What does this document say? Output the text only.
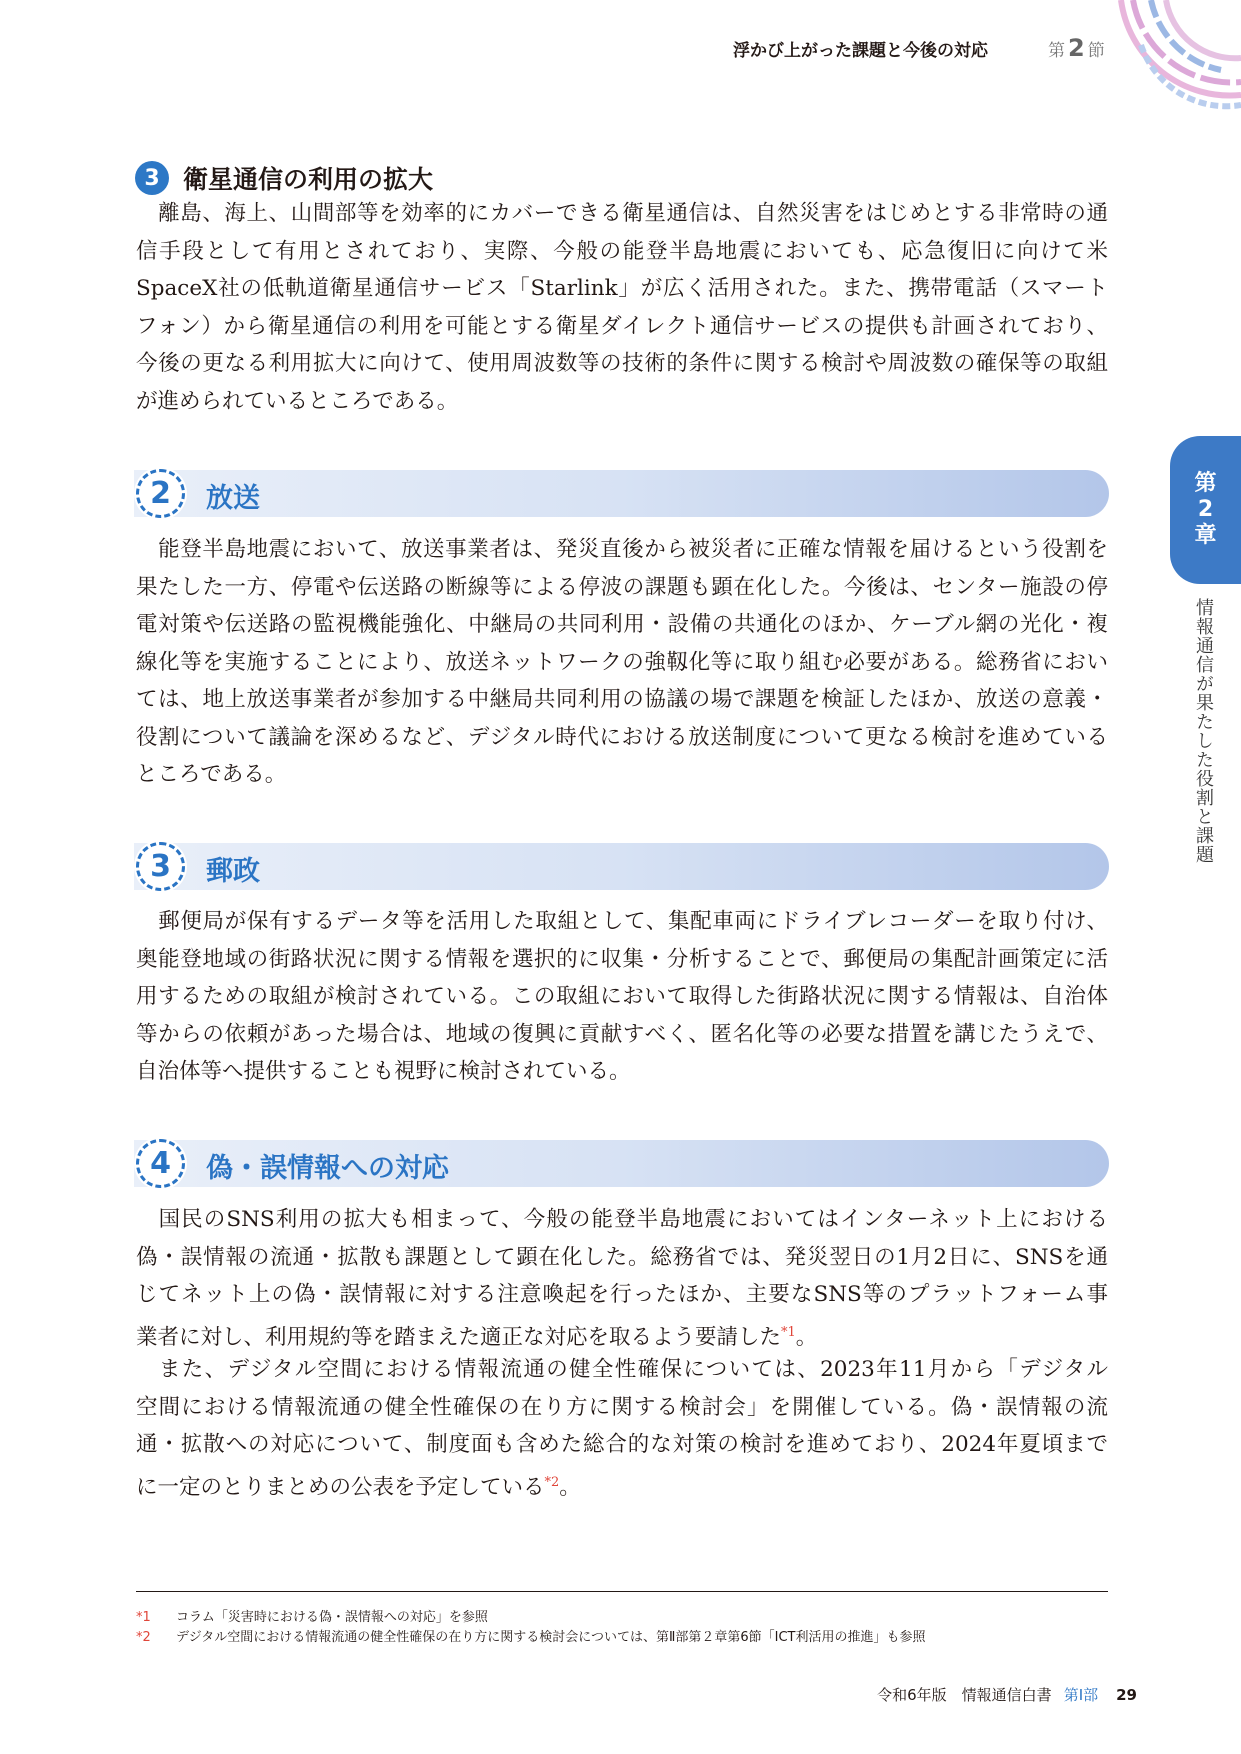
浮かび上がった課題と今後の対応	第 2 節
第
2
章
情報通信が果たした役割と課題
3 衛星通信の利用の拡大
　離島、海上、山間部等を効率的にカバーできる衛星通信は、自然災害をはじめとする非常時の通
信手段として有用とされており、実際、今般の能登半島地震においても、応急復旧に向けて米
SpaceX社の低軌道衛星通信サービス「Starlink」が広く活用された。また、携帯電話（スマート
フォン）から衛星通信の利用を可能とする衛星ダイレクト通信サービスの提供も計画されており、
今後の更なる利用拡大に向けて、使用周波数等の技術的条件に関する検討や周波数の確保等の取組
が進められているところである。
2	放送
　能登半島地震において、放送事業者は、発災直後から被災者に正確な情報を届けるという役割を
果たした一方、停電や伝送路の断線等による停波の課題も顕在化した。今後は、センター施設の停
電対策や伝送路の監視機能強化、中継局の共同利用・設備の共通化のほか、ケーブル網の光化・複
線化等を実施することにより、放送ネットワークの強靱化等に取り組む必要がある。総務省におい
ては、地上放送事業者が参加する中継局共同利用の協議の場で課題を検証したほか、放送の意義・
役割について議論を深めるなど、デジタル時代における放送制度について更なる検討を進めている
ところである。
3	郵政
　郵便局が保有するデータ等を活用した取組として、集配車両にドライブレコーダーを取り付け、
奥能登地域の街路状況に関する情報を選択的に収集・分析することで、郵便局の集配計画策定に活
用するための取組が検討されている。この取組において取得した街路状況に関する情報は、自治体
等からの依頼があった場合は、地域の復興に貢献すべく、匿名化等の必要な措置を講じたうえで、
自治体等へ提供することも視野に検討されている。
4	偽・誤情報への対応
　国民のSNS利用の拡大も相まって、今般の能登半島地震においてはインターネット上における
偽・誤情報の流通・拡散も課題として顕在化した。総務省では、発災翌日の1月2日に、SNSを通
じてネット上の偽・誤情報に対する注意喚起を行ったほか、主要なSNS等のプラットフォーム事
業者に対し、利用規約等を踏まえた適正な対応を取るよう要請した$^{*1}$。
　また、デジタル空間における情報流通の健全性確保については、2023年11月から「デジタル
空間における情報流通の健全性確保の在り方に関する検討会」を開催している。偽・誤情報の流
通・拡散への対応について、制度面も含めた総合的な対策の検討を進めており、2024年夏頃まで
に一定のとりまとめの公表を予定している$^{*2}$。
*1 コラム「災害時における偽・誤情報への対応」を参照
*2 デジタル空間における情報流通の健全性確保の在り方に関する検討会については、第Ⅱ部第２章第6節「ICT利活用の推進」も参照
令和6年版　情報通信白書 第Ⅰ部 29
